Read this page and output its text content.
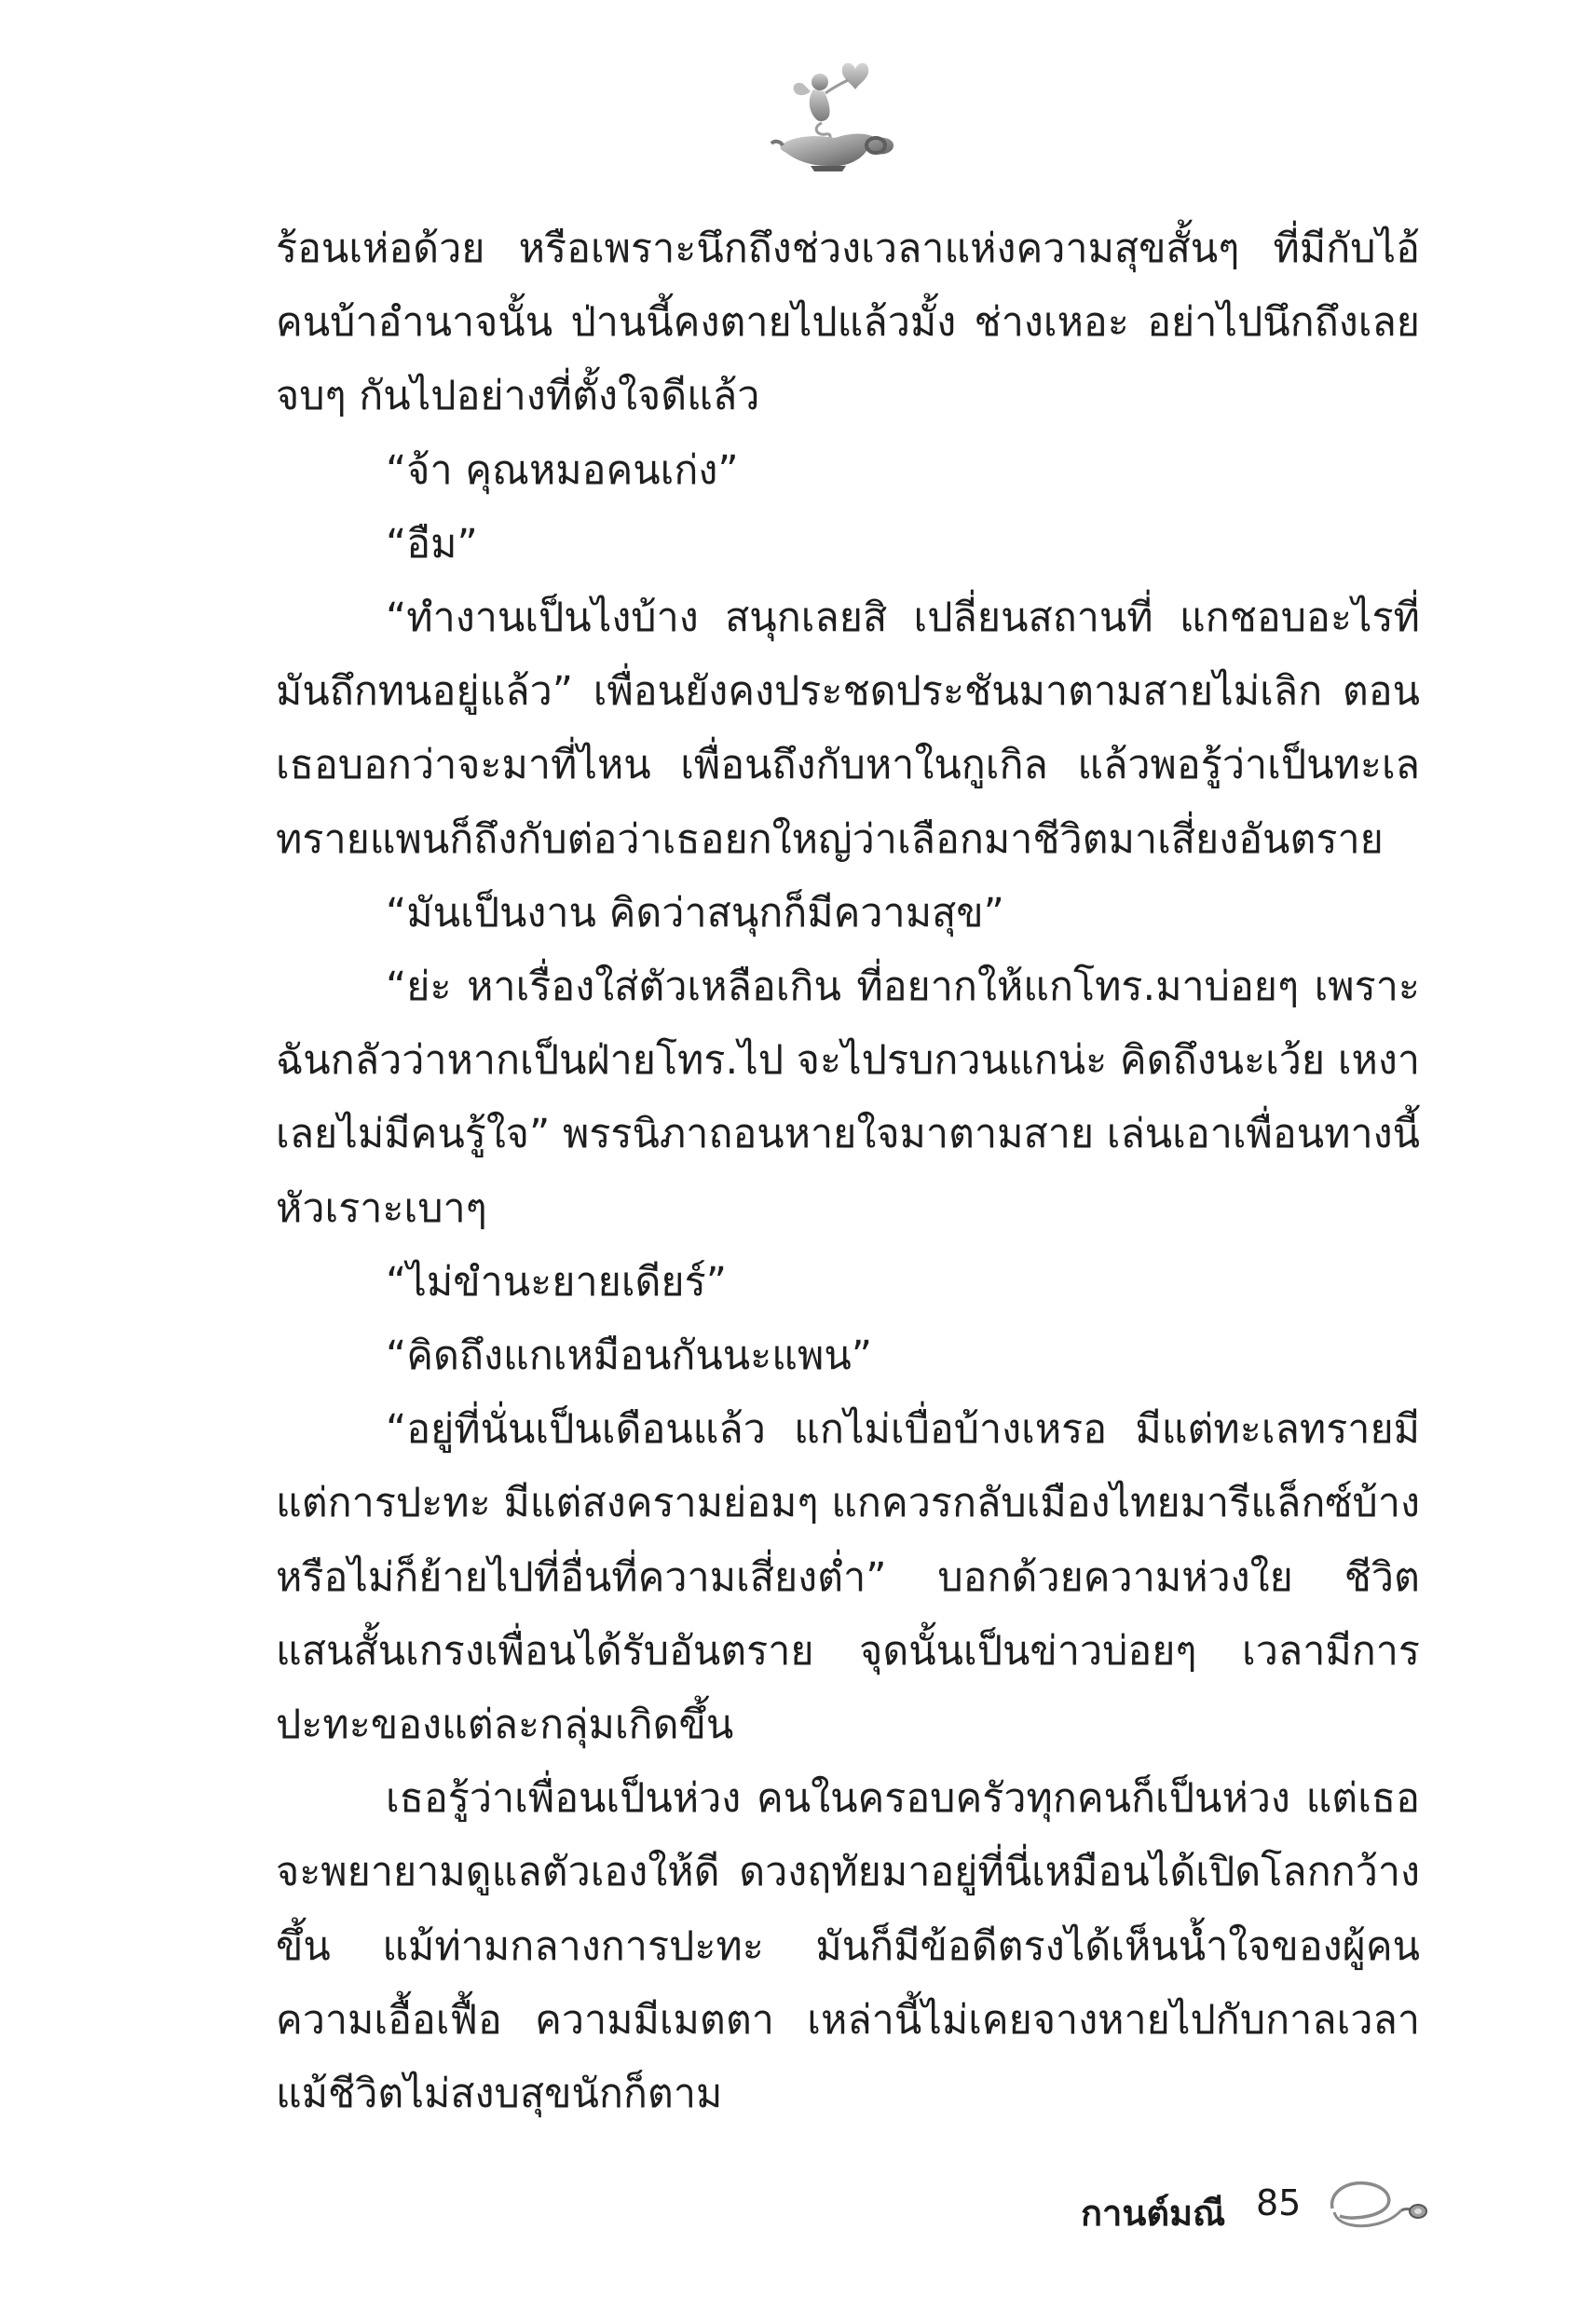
ร้อนเห่อด้วย หรือเพราะนึกถึงช่วงเวลาแห่งความสุขสั้นๆ ที่มีกับไอ้คนบ้าอำนาจนั้น ป่านนี้คงตายไปแล้วมั้ง ช่างเหอะ อย่าไปนึกถึงเลย จบๆ กันไปอย่างที่ตั้งใจดีแล้ว

“จ้า คุณหมอคนเก่ง”

“อืม”

“ทำงานเป็นไงบ้าง สนุกเลยสิ เปลี่ยนสถานที่ แกชอบอะไรที่มันถึกทนอยู่แล้ว” เพื่อนยังคงประชดประชันมาตามสายไม่เลิก ตอนเธอบอกว่าจะมาที่ไหน เพื่อนถึงกับหาในกูเกิล แล้วพอรู้ว่าเป็นทะเลทรายแพนก็ถึงกับต่อว่าเธอยกใหญ่ว่าเลือกมาชีวิตมาเสี่ยงอันตราย

“มันเป็นงาน คิดว่าสนุกก็มีความสุข”

“ย่ะ หาเรื่องใส่ตัวเหลือเกิน ที่อยากให้แกโทร.มาบ่อยๆ เพราะฉันกลัวว่าหากเป็นฝ่ายโทร.ไป จะไปรบกวนแกน่ะ คิดถึงนะเว้ย เหงาเลยไม่มีคนรู้ใจ” พรรนิภาถอนหายใจมาตามสาย เล่นเอาเพื่อนทางนี้หัวเราะเบาๆ

“ไม่ขำนะยายเดียร์”

“คิดถึงแกเหมือนกันนะแพน”

“อยู่ที่นั่นเป็นเดือนแล้ว แกไม่เบื่อบ้างเหรอ มีแต่ทะเลทรายมีแต่การปะทะ มีแต่สงครามย่อมๆ แกควรกลับเมืองไทยมารีแล็กซ์บ้าง หรือไม่ก็ย้ายไปที่อื่นที่ความเสี่ยงต่ำ” บอกด้วยความห่วงใย ชีวิตแสนสั้นเกรงเพื่อนได้รับอันตราย จุดนั้นเป็นข่าวบ่อยๆ เวลามีการปะทะของแต่ละกลุ่มเกิดขึ้น

เธอรู้ว่าเพื่อนเป็นห่วง คนในครอบครัวทุกคนก็เป็นห่วง แต่เธอจะพยายามดูแลตัวเองให้ดี ดวงฤทัยมาอยู่ที่นี่เหมือนได้เปิดโลกกว้างขึ้น แม้ท่ามกลางการปะทะ มันก็มีข้อดีตรงได้เห็นน้ำใจของผู้คน ความเอื้อเฟื้อ ความมีเมตตา เหล่านี้ไม่เคยจางหายไปกับกาลเวลา แม้ชีวิตไม่สงบสุขนักก็ตาม

กานต์มณี 85
